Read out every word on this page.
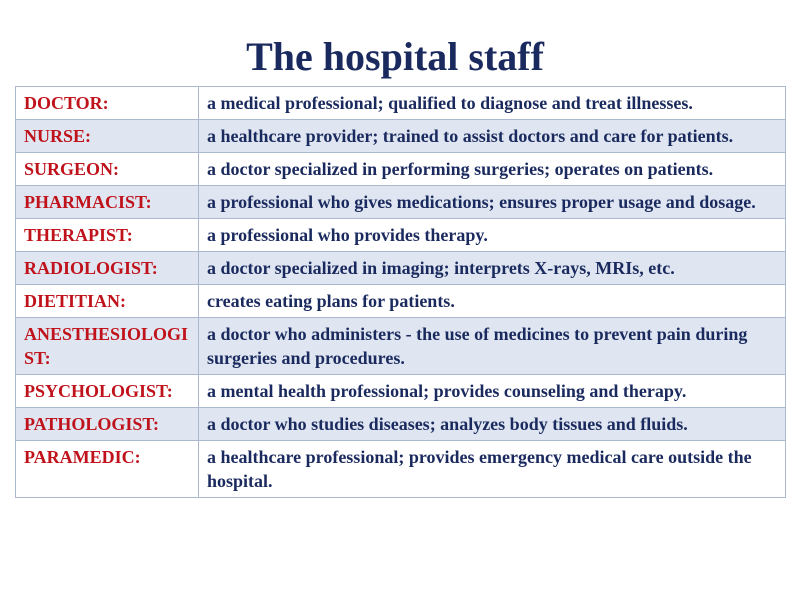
The hospital staff
DOCTOR:	a medical professional; qualified to diagnose and treat illnesses.
NURSE:	a healthcare provider; trained to assist doctors and care for patients.
SURGEON:	a doctor specialized in performing surgeries; operates on patients.
PHARMACIST:	a professional who gives medications; ensures proper usage and dosage.
THERAPIST:	a professional who provides therapy.
RADIOLOGIST:	a doctor specialized in imaging; interprets X-rays, MRIs, etc.
DIETITIAN:	creates eating plans for patients.
ANESTHESIOLOGIST:	a doctor who administers - the use of medicines to prevent pain during surgeries and procedures.
PSYCHOLOGIST:	a mental health professional; provides counseling and therapy.
PATHOLOGIST:	a doctor who studies diseases; analyzes body tissues and fluids.
PARAMEDIC:	a healthcare professional; provides emergency medical care outside the hospital.
